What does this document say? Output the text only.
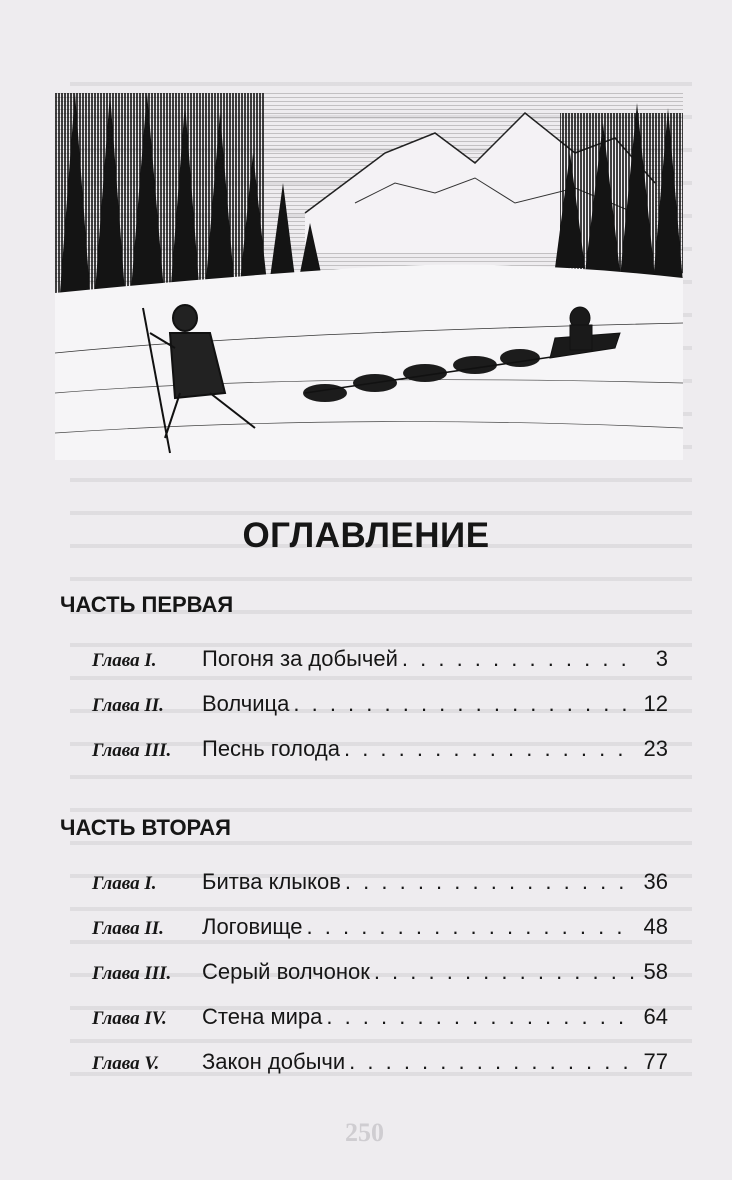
250
ОГЛАВЛЕНИЕ
ЧАСТЬ ПЕРВАЯ
Глава I.	Погоня за добычей . . .	3
Глава II.	Волчица . . .	12
Глава III.	Песнь голода . . .	23
ЧАСТЬ ВТОРАЯ
Глава I.	Битва клыков . . .	36
Глава II.	Логовище . . .	48
Глава III.	Серый волчонок . . .	58
Глава IV.	Стена мира . . .	64
Глава V.	Закон добычи . . .	77
